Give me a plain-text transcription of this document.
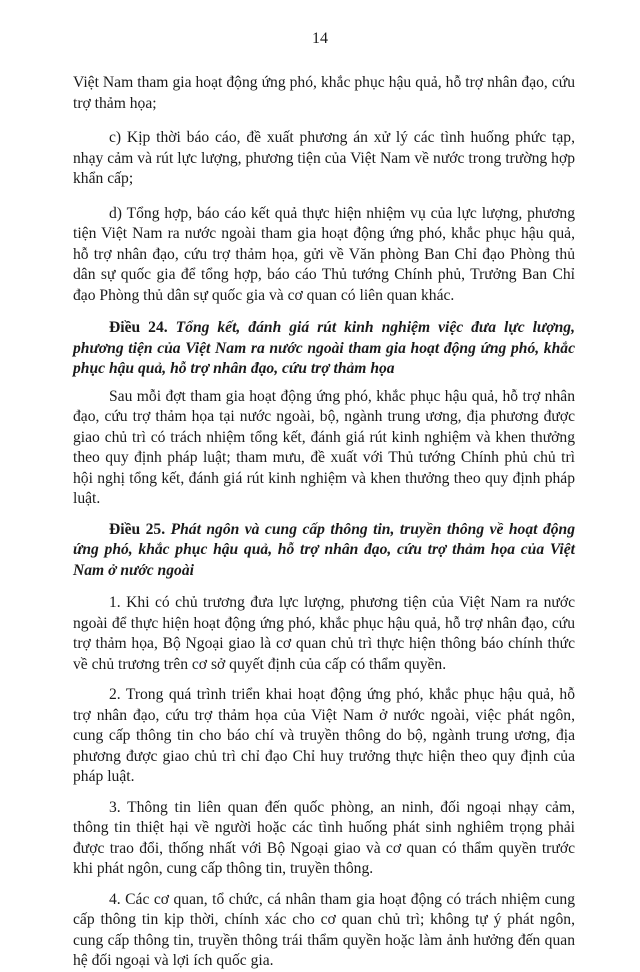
14

Việt Nam tham gia hoạt động ứng phó, khắc phục hậu quả, hỗ trợ nhân đạo, cứu trợ thảm họa;

c) Kịp thời báo cáo, đề xuất phương án xử lý các tình huống phức tạp, nhạy cảm và rút lực lượng, phương tiện của Việt Nam về nước trong trường hợp khẩn cấp;

d) Tổng hợp, báo cáo kết quả thực hiện nhiệm vụ của lực lượng, phương tiện Việt Nam ra nước ngoài tham gia hoạt động ứng phó, khắc phục hậu quả, hỗ trợ nhân đạo, cứu trợ thảm họa, gửi về Văn phòng Ban Chỉ đạo Phòng thủ dân sự quốc gia để tổng hợp, báo cáo Thủ tướng Chính phủ, Trưởng Ban Chỉ đạo Phòng thủ dân sự quốc gia và cơ quan có liên quan khác.

Điều 24. Tổng kết, đánh giá rút kinh nghiệm việc đưa lực lượng, phương tiện của Việt Nam ra nước ngoài tham gia hoạt động ứng phó, khắc phục hậu quả, hỗ trợ nhân đạo, cứu trợ thảm họa

Sau mỗi đợt tham gia hoạt động ứng phó, khắc phục hậu quả, hỗ trợ nhân đạo, cứu trợ thảm họa tại nước ngoài, bộ, ngành trung ương, địa phương được giao chủ trì có trách nhiệm tổng kết, đánh giá rút kinh nghiệm và khen thưởng theo quy định pháp luật; tham mưu, đề xuất với Thủ tướng Chính phủ chủ trì hội nghị tổng kết, đánh giá rút kinh nghiệm và khen thưởng theo quy định pháp luật.

Điều 25. Phát ngôn và cung cấp thông tin, truyền thông về hoạt động ứng phó, khắc phục hậu quả, hỗ trợ nhân đạo, cứu trợ thảm họa của Việt Nam ở nước ngoài

1. Khi có chủ trương đưa lực lượng, phương tiện của Việt Nam ra nước ngoài để thực hiện hoạt động ứng phó, khắc phục hậu quả, hỗ trợ nhân đạo, cứu trợ thảm họa, Bộ Ngoại giao là cơ quan chủ trì thực hiện thông báo chính thức về chủ trương trên cơ sở quyết định của cấp có thẩm quyền.

2. Trong quá trình triển khai hoạt động ứng phó, khắc phục hậu quả, hỗ trợ nhân đạo, cứu trợ thảm họa của Việt Nam ở nước ngoài, việc phát ngôn, cung cấp thông tin cho báo chí và truyền thông do bộ, ngành trung ương, địa phương được giao chủ trì chỉ đạo Chỉ huy trưởng thực hiện theo quy định của pháp luật.

3. Thông tin liên quan đến quốc phòng, an ninh, đối ngoại nhạy cảm, thông tin thiệt hại về người hoặc các tình huống phát sinh nghiêm trọng phải được trao đổi, thống nhất với Bộ Ngoại giao và cơ quan có thẩm quyền trước khi phát ngôn, cung cấp thông tin, truyền thông.

4. Các cơ quan, tổ chức, cá nhân tham gia hoạt động có trách nhiệm cung cấp thông tin kịp thời, chính xác cho cơ quan chủ trì; không tự ý phát ngôn, cung cấp thông tin, truyền thông trái thẩm quyền hoặc làm ảnh hưởng đến quan hệ đối ngoại và lợi ích quốc gia.
